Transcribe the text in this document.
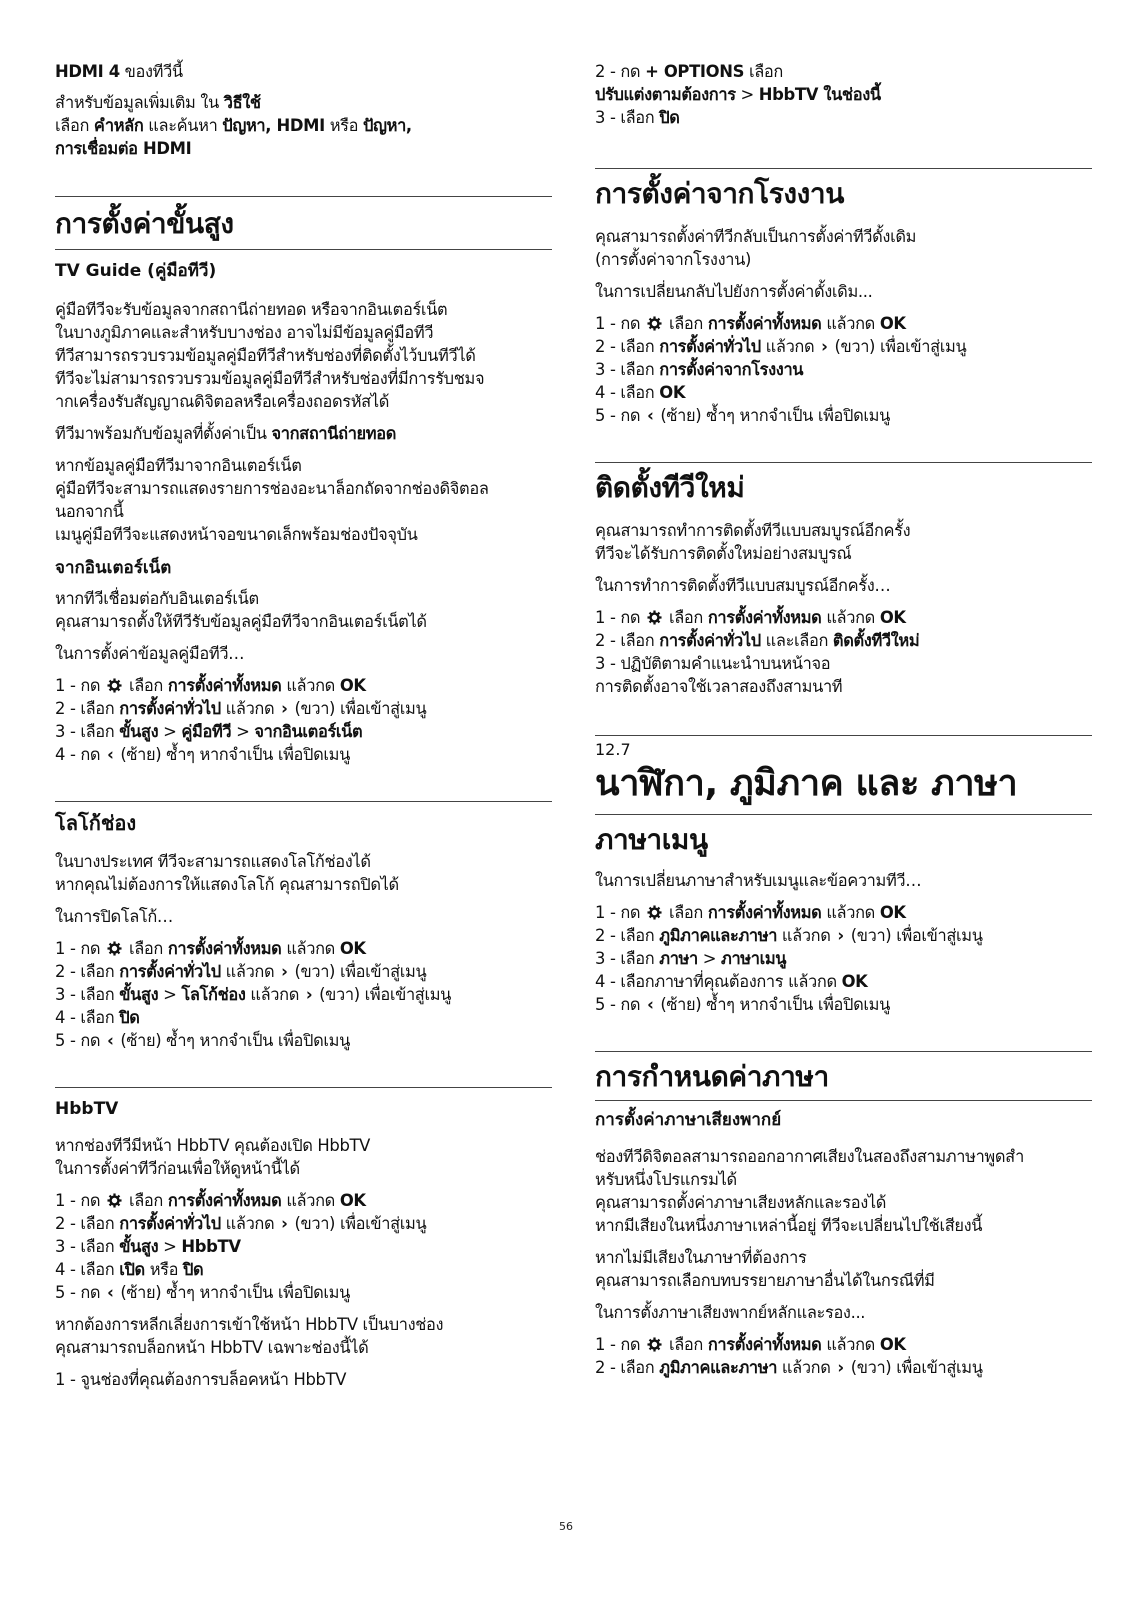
HDMI 4 ของทีวีนี้

สำหรับข้อมูลเพิ่มเติม ใน วิธีใช้
เลือก คำหลัก และค้นหา ปัญหา, HDMI หรือ ปัญหา,
การเชื่อมต่อ HDMI

การตั้งค่าขั้นสูง
TV Guide (คู่มือทีวี)

คู่มือทีวีจะรับข้อมูลจากสถานีถ่ายทอด หรือจากอินเตอร์เน็ต
ในบางภูมิภาคและสำหรับบางช่อง อาจไม่มีข้อมูลคู่มือทีวี
ทีวีสามารถรวบรวมข้อมูลคู่มือทีวีสำหรับช่องที่ติดตั้งไว้บนทีวีได้
ทีวีจะไม่สามารถรวบรวมข้อมูลคู่มือทีวีสำหรับช่องที่มีการรับชมจ
ากเครื่องรับสัญญาณดิจิตอลหรือเครื่องถอดรหัสได้

ทีวีมาพร้อมกับข้อมูลที่ตั้งค่าเป็น จากสถานีถ่ายทอด

หากข้อมูลคู่มือทีวีมาจากอินเตอร์เน็ต
คู่มือทีวีจะสามารถแสดงรายการช่องอะนาล็อกถัดจากช่องดิจิตอล
นอกจากนี้
เมนูคู่มือทีวีจะแสดงหน้าจอขนาดเล็กพร้อมช่องปัจจุบัน

จากอินเตอร์เน็ต

หากทีวีเชื่อมต่อกับอินเตอร์เน็ต
คุณสามารถตั้งให้ทีวีรับข้อมูลคู่มือทีวีจากอินเตอร์เน็ตได้

ในการตั้งค่าข้อมูลคู่มือทีวี…

1 - กด  เลือก การตั้งค่าทั้งหมด แล้วกด OK
2 - เลือก การตั้งค่าทั่วไป แล้วกด › (ขวา) เพื่อเข้าสู่เมนู
3 - เลือก ขั้นสูง > คู่มือทีวี > จากอินเตอร์เน็ต
4 - กด ‹ (ซ้าย) ซ้ำๆ หากจำเป็น เพื่อปิดเมนู
โลโก้ช่อง

ในบางประเทศ ทีวีจะสามารถแสดงโลโก้ช่องได้
หากคุณไม่ต้องการให้แสดงโลโก้ คุณสามารถปิดได้

ในการปิดโลโก้…

1 - กด  เลือก การตั้งค่าทั้งหมด แล้วกด OK
2 - เลือก การตั้งค่าทั่วไป แล้วกด › (ขวา) เพื่อเข้าสู่เมนู
3 - เลือก ขั้นสูง > โลโก้ช่อง แล้วกด › (ขวา) เพื่อเข้าสู่เมนู
4 - เลือก ปิด
5 - กด ‹ (ซ้าย) ซ้ำๆ หากจำเป็น เพื่อปิดเมนู
HbbTV

หากช่องทีวีมีหน้า HbbTV คุณต้องเปิด HbbTV
ในการตั้งค่าทีวีก่อนเพื่อให้ดูหน้านี้ได้

1 - กด  เลือก การตั้งค่าทั้งหมด แล้วกด OK
2 - เลือก การตั้งค่าทั่วไป แล้วกด › (ขวา) เพื่อเข้าสู่เมนู
3 - เลือก ขั้นสูง > HbbTV
4 - เลือก เปิด หรือ ปิด
5 - กด ‹ (ซ้าย) ซ้ำๆ หากจำเป็น เพื่อปิดเมนู

หากต้องการหลีกเลี่ยงการเข้าใช้หน้า HbbTV เป็นบางช่อง
คุณสามารถบล็อกหน้า HbbTV เฉพาะช่องนี้ได้

1 - จูนช่องที่คุณต้องการบล็อคหน้า HbbTV

2 - กด + OPTIONS เลือก
ปรับแต่งตามต้องการ > HbbTV ในช่องนี้
3 - เลือก ปิด
การตั้งค่าจากโรงงาน

คุณสามารถตั้งค่าทีวีกลับเป็นการตั้งค่าทีวีดั้งเดิม
(การตั้งค่าจากโรงงาน)

ในการเปลี่ยนกลับไปยังการตั้งค่าดั้งเดิม...

1 - กด  เลือก การตั้งค่าทั้งหมด แล้วกด OK
2 - เลือก การตั้งค่าทั่วไป แล้วกด › (ขวา) เพื่อเข้าสู่เมนู
3 - เลือก การตั้งค่าจากโรงงาน
4 - เลือก OK
5 - กด ‹ (ซ้าย) ซ้ำๆ หากจำเป็น เพื่อปิดเมนู
ติดตั้งทีวีใหม่

คุณสามารถทำการติดตั้งทีวีแบบสมบูรณ์อีกครั้ง
ทีวีจะได้รับการติดตั้งใหม่อย่างสมบูรณ์

ในการทำการติดตั้งทีวีแบบสมบูรณ์อีกครั้ง…

1 - กด  เลือก การตั้งค่าทั้งหมด แล้วกด OK
2 - เลือก การตั้งค่าทั่วไป และเลือก ติดตั้งทีวีใหม่
3 - ปฏิบัติตามคำแนะนำบนหน้าจอ
การติดตั้งอาจใช้เวลาสองถึงสามนาที
12.7
นาฬิกา, ภูมิภาค และ ภาษา
ภาษาเมนู

ในการเปลี่ยนภาษาสำหรับเมนูและข้อความทีวี…

1 - กด  เลือก การตั้งค่าทั้งหมด แล้วกด OK
2 - เลือก ภูมิภาคและภาษา แล้วกด › (ขวา) เพื่อเข้าสู่เมนู
3 - เลือก ภาษา > ภาษาเมนู
4 - เลือกภาษาที่คุณต้องการ แล้วกด OK
5 - กด ‹ (ซ้าย) ซ้ำๆ หากจำเป็น เพื่อปิดเมนู
การกำหนดค่าภาษา
การตั้งค่าภาษาเสียงพากย์

ช่องทีวีดิจิตอลสามารถออกอากาศเสียงในสองถึงสามภาษาพูดสำ
หรับหนึ่งโปรแกรมได้
คุณสามารถตั้งค่าภาษาเสียงหลักและรองได้
หากมีเสียงในหนึ่งภาษาเหล่านี้อยู่ ทีวีจะเปลี่ยนไปใช้เสียงนี้

หากไม่มีเสียงในภาษาที่ต้องการ
คุณสามารถเลือกบทบรรยายภาษาอื่นได้ในกรณีที่มี

ในการตั้งภาษาเสียงพากย์หลักและรอง...

1 - กด  เลือก การตั้งค่าทั้งหมด แล้วกด OK
2 - เลือก ภูมิภาคและภาษา แล้วกด › (ขวา) เพื่อเข้าสู่เมนู
56
